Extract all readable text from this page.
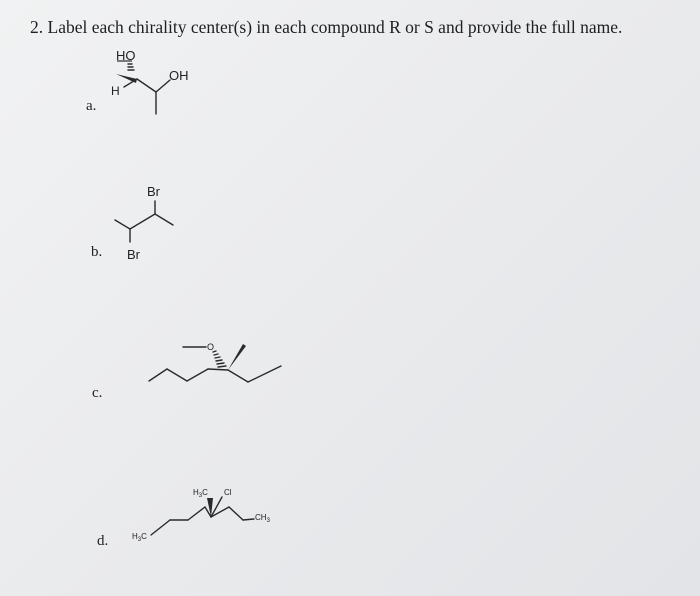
2. Label each chirality center(s) in each compound R or S and provide the full name.
a.
b.
c.
d.
HO
H
OH
Br
Br
O
$H_3C$
$H_3C$ Cl
$CH_3$
